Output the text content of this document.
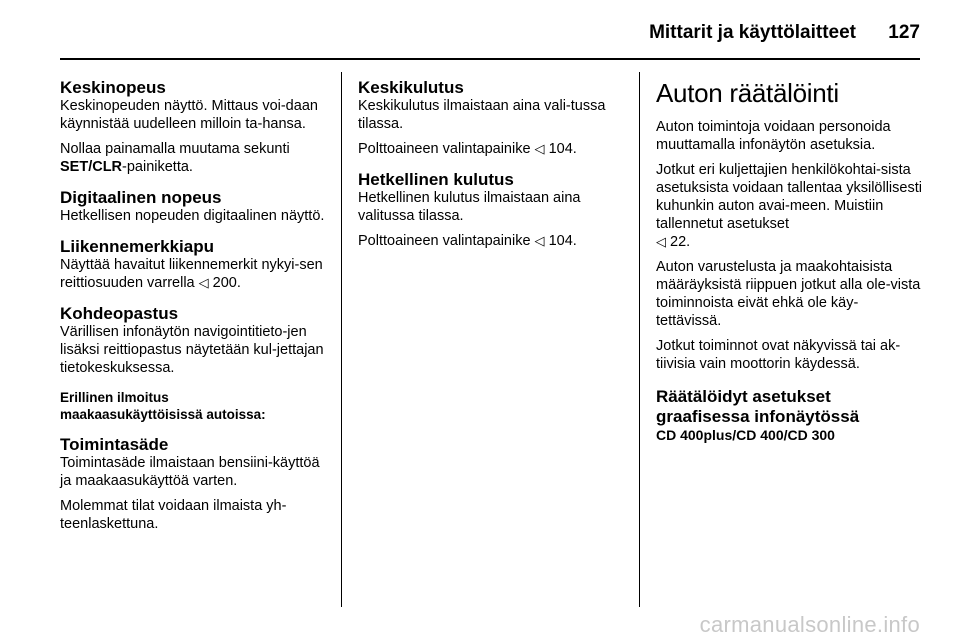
Mittarit ja käyttölaitteet 127
Keskinopeus

Keskinopeuden näyttö. Mittaus voi-daan käynnistää uudelleen milloin ta-hansa.

Nollaa painamalla muutama sekunti
SET/CLR-painiketta.

Digitaalinen nopeus

Hetkellisen nopeuden digitaalinen näyttö.

Liikennemerkkiapu

Näyttää havaitut liikennemerkit nykyi-sen reittiosuuden varrella ◁ 200.

Kohdeopastus

Värillisen infonäytön navigointitieto-jen lisäksi reittiopastus näytetään kul-jettajan tietokeskuksessa.

Erillinen ilmoitus
maakaasukäyttöisissä autoissa:
Toimintasäde

Toimintasäde ilmaistaan bensiini-käyttöä ja maakaasukäyttöä varten.

Molemmat tilat voidaan ilmaista yh-teenlaskettuna.

Keskikulutus

Keskikulutus ilmaistaan aina vali-tussa tilassa.

Polttoaineen valintapainike ◁ 104.

Hetkellinen kulutus

Hetkellinen kulutus ilmaistaan aina valitussa tilassa.

Polttoaineen valintapainike ◁ 104.

Auton räätälöinti

Auton toimintoja voidaan personoida muuttamalla infonäytön asetuksia.

Jotkut eri kuljettajien henkilökohtai-sista asetuksista voidaan tallentaa yksilöllisesti kuhunkin auton avai-meen. Muistiin tallennetut asetukset
◁ 22.

Auton varustelusta ja maakohtaisista määräyksistä riippuen jotkut alla ole-vista toiminnoista eivät ehkä ole käy-tettävissä.

Jotkut toiminnot ovat näkyvissä tai ak-tiivisia vain moottorin käydessä.

Räätälöidyt asetukset
graafisessa infonäytössä
CD 400plus/CD 400/CD 300
carmanualsonline.info
